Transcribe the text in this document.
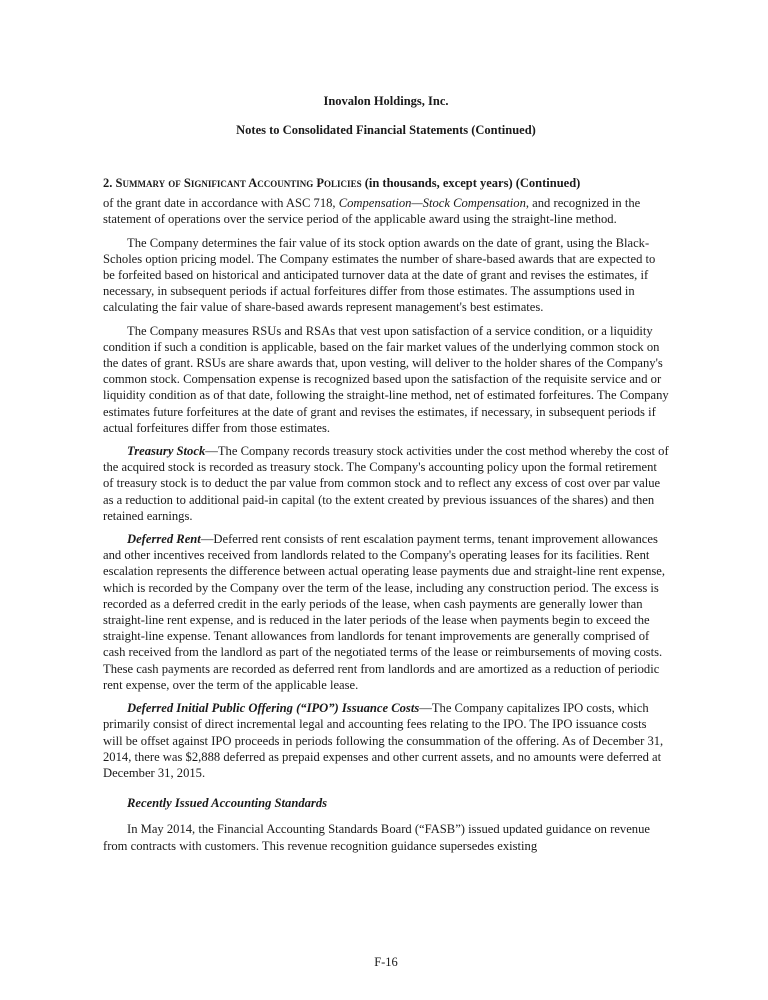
Inovalon Holdings, Inc.
Notes to Consolidated Financial Statements (Continued)
2. Summary of Significant Accounting Policies (in thousands, except years) (Continued)

of the grant date in accordance with ASC 718, Compensation—Stock Compensation, and recognized in the statement of operations over the service period of the applicable award using the straight-line method.

The Company determines the fair value of its stock option awards on the date of grant, using the Black-Scholes option pricing model. The Company estimates the number of share-based awards that are expected to be forfeited based on historical and anticipated turnover data at the date of grant and revises the estimates, if necessary, in subsequent periods if actual forfeitures differ from those estimates. The assumptions used in calculating the fair value of share-based awards represent management's best estimates.

The Company measures RSUs and RSAs that vest upon satisfaction of a service condition, or a liquidity condition if such a condition is applicable, based on the fair market values of the underlying common stock on the dates of grant. RSUs are share awards that, upon vesting, will deliver to the holder shares of the Company's common stock. Compensation expense is recognized based upon the satisfaction of the requisite service and or liquidity condition as of that date, following the straight-line method, net of estimated forfeitures. The Company estimates future forfeitures at the date of grant and revises the estimates, if necessary, in subsequent periods if actual forfeitures differ from those estimates.

Treasury Stock—The Company records treasury stock activities under the cost method whereby the cost of the acquired stock is recorded as treasury stock. The Company's accounting policy upon the formal retirement of treasury stock is to deduct the par value from common stock and to reflect any excess of cost over par value as a reduction to additional paid-in capital (to the extent created by previous issuances of the shares) and then retained earnings.

Deferred Rent—Deferred rent consists of rent escalation payment terms, tenant improvement allowances and other incentives received from landlords related to the Company's operating leases for its facilities. Rent escalation represents the difference between actual operating lease payments due and straight-line rent expense, which is recorded by the Company over the term of the lease, including any construction period. The excess is recorded as a deferred credit in the early periods of the lease, when cash payments are generally lower than straight-line rent expense, and is reduced in the later periods of the lease when payments begin to exceed the straight-line expense. Tenant allowances from landlords for tenant improvements are generally comprised of cash received from the landlord as part of the negotiated terms of the lease or reimbursements of moving costs. These cash payments are recorded as deferred rent from landlords and are amortized as a reduction of periodic rent expense, over the term of the applicable lease.

Deferred Initial Public Offering (“IPO”) Issuance Costs—The Company capitalizes IPO costs, which primarily consist of direct incremental legal and accounting fees relating to the IPO. The IPO issuance costs will be offset against IPO proceeds in periods following the consummation of the offering. As of December 31, 2014, there was $2,888 deferred as prepaid expenses and other current assets, and no amounts were deferred at December 31, 2015.

Recently Issued Accounting Standards

In May 2014, the Financial Accounting Standards Board (“FASB”) issued updated guidance on revenue from contracts with customers. This revenue recognition guidance supersedes existing

F-16
